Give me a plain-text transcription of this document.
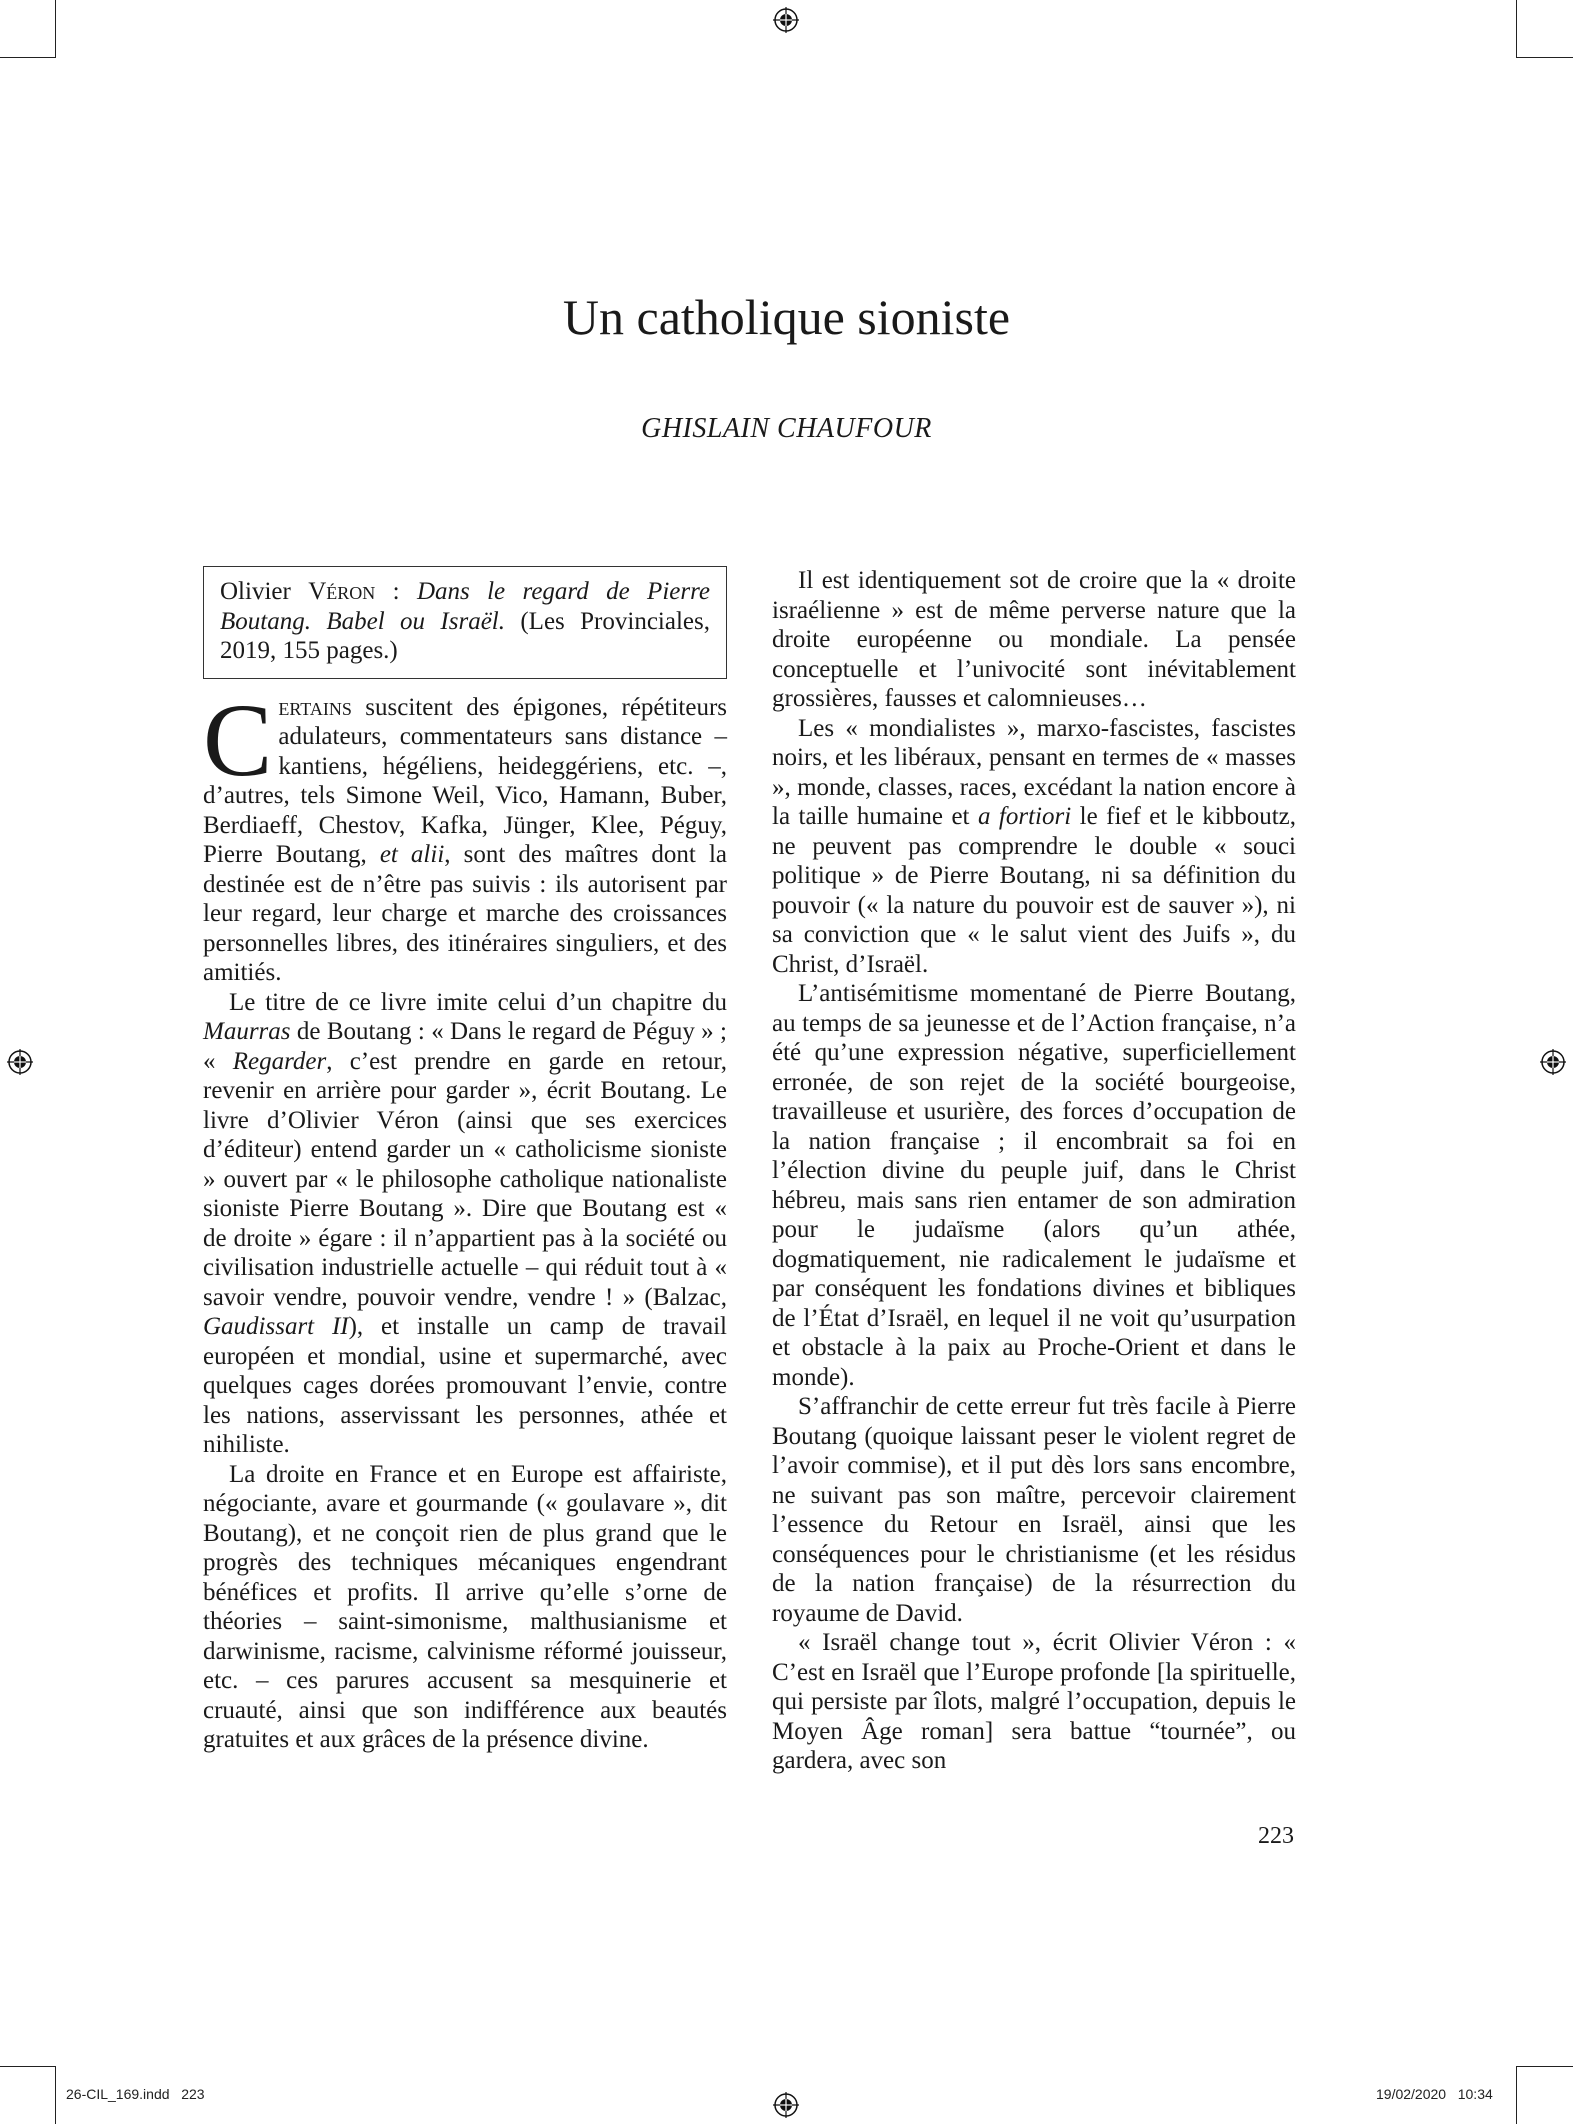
Un catholique sioniste
GHISLAIN CHAUFOUR
Olivier Véron : Dans le regard de Pierre Boutang. Babel ou Israël. (Les Provinciales, 2019, 155 pages.)

Certains suscitent des épigones, répétiteurs adulateurs, commentateurs sans distance – kantiens, hégéliens, heideggériens, etc. –, d’autres, tels Simone Weil, Vico, Hamann, Buber, Berdiaeff, Chestov, Kafka, Jünger, Klee, Péguy, Pierre Boutang, et alii, sont des maîtres dont la destinée est de n’être pas suivis : ils autorisent par leur regard, leur charge et marche des croissances personnelles libres, des itinéraires singuliers, et des amitiés.

Le titre de ce livre imite celui d’un chapitre du Maurras de Boutang : « Dans le regard de Péguy » ; « Regarder, c’est prendre en garde en retour, revenir en arrière pour garder », écrit Boutang. Le livre d’Olivier Véron (ainsi que ses exercices d’éditeur) entend garder un « catholicisme sioniste » ouvert par « le philosophe catholique nationaliste sioniste Pierre Boutang ». Dire que Boutang est « de droite » égare : il n’appartient pas à la société ou civilisation industrielle actuelle – qui réduit tout à « savoir vendre, pouvoir vendre, vendre ! » (Balzac, Gaudissart II), et installe un camp de travail européen et mondial, usine et supermarché, avec quelques cages dorées promouvant l’envie, contre les nations, asservissant les personnes, athée et nihiliste.

La droite en France et en Europe est affairiste, négociante, avare et gourmande (« goulavare », dit Boutang), et ne conçoit rien de plus grand que le progrès des techniques mécaniques engendrant bénéfices et profits. Il arrive qu’elle s’orne de théories – saint-simonisme, malthusianisme et darwinisme, racisme, calvinisme réformé jouisseur, etc. – ces parures accusent sa mesquinerie et cruauté, ainsi que son indifférence aux beautés gratuites et aux grâces de la présence divine.

Il est identiquement sot de croire que la « droite israélienne » est de même perverse nature que la droite européenne ou mondiale. La pensée conceptuelle et l’univocité sont inévitablement grossières, fausses et calomnieuses…

Les « mondialistes », marxo-fascistes, fascistes noirs, et les libéraux, pensant en termes de « masses », monde, classes, races, excédant la nation encore à la taille humaine et a fortiori le fief et le kibboutz, ne peuvent pas comprendre le double « souci politique » de Pierre Boutang, ni sa définition du pouvoir (« la nature du pouvoir est de sauver »), ni sa conviction que « le salut vient des Juifs », du Christ, d’Israël.

L’antisémitisme momentané de Pierre Boutang, au temps de sa jeunesse et de l’Action française, n’a été qu’une expression négative, superficiellement erronée, de son rejet de la société bourgeoise, travailleuse et usurière, des forces d’occupation de la nation française ; il encombrait sa foi en l’élection divine du peuple juif, dans le Christ hébreu, mais sans rien entamer de son admiration pour le judaïsme (alors qu’un athée, dogmatiquement, nie radicalement le judaïsme et par conséquent les fondations divines et bibliques de l’État d’Israël, en lequel il ne voit qu’usurpation et obstacle à la paix au Proche-Orient et dans le monde).

S’affranchir de cette erreur fut très facile à Pierre Boutang (quoique laissant peser le violent regret de l’avoir commise), et il put dès lors sans encombre, ne suivant pas son maître, percevoir clairement l’essence du Retour en Israël, ainsi que les conséquences pour le christianisme (et les résidus de la nation française) de la résurrection du royaume de David.

« Israël change tout », écrit Olivier Véron : « C’est en Israël que l’Europe profonde [la spirituelle, qui persiste par îlots, malgré l’occupation, depuis le Moyen Âge roman] sera battue “tournée”, ou gardera, avec son

223
26-CIL_169.indd   223	19/02/2020   10:34
